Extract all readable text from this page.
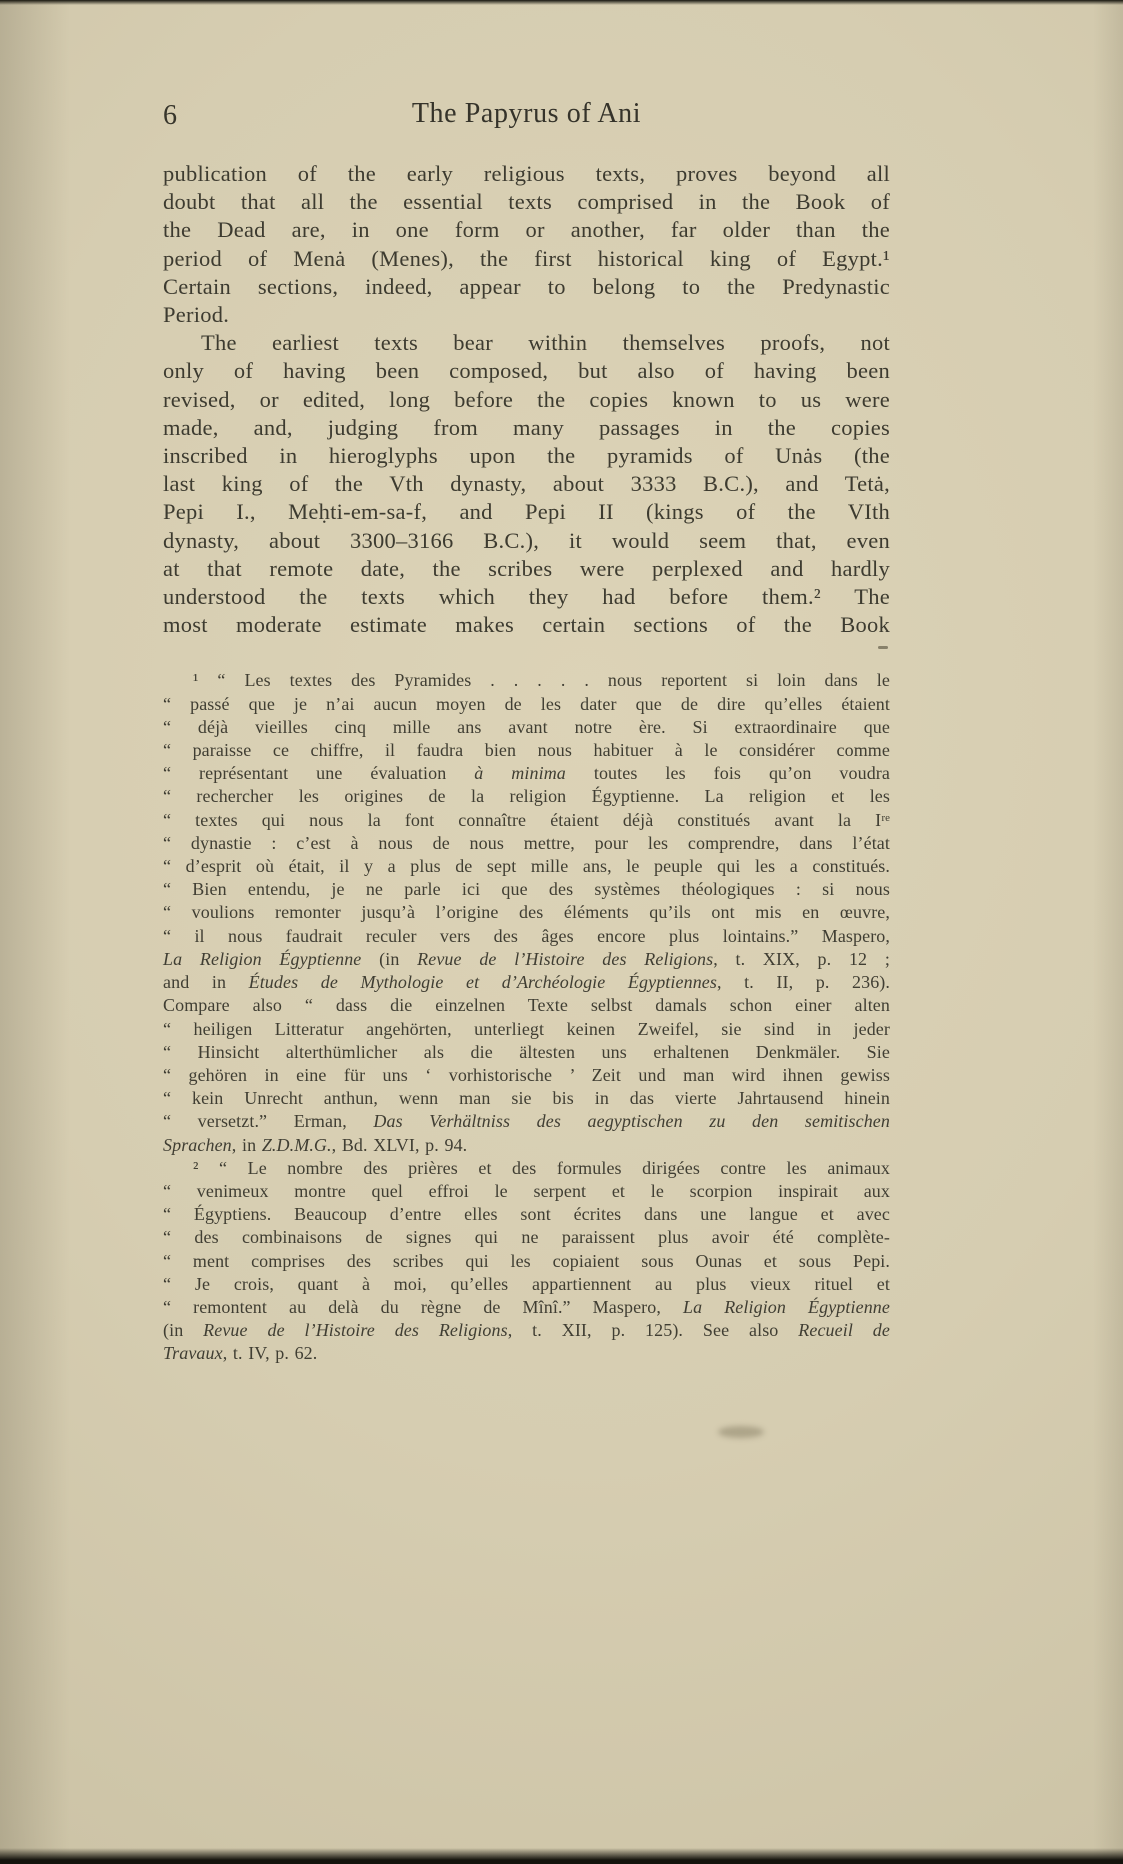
6	The Papyrus of Ani
publication of the early religious texts, proves beyond all
doubt that all the essential texts comprised in the Book of
the Dead are, in one form or another, far older than the
period of Menȧ (Menes), the first historical king of Egypt.¹
Certain sections, indeed, appear to belong to the Predynastic
Period.
The earliest texts bear within themselves proofs, not
only of having been composed, but also of having been
revised, or edited, long before the copies known to us were
made, and, judging from many passages in the copies
inscribed in hieroglyphs upon the pyramids of Unȧs (the
last king of the Vth dynasty, about 3333 B.C.), and Tetȧ,
Pepi I., Meḥti-em-sa-f, and Pepi II (kings of the VIth
dynasty, about 3300–3166 B.C.), it would seem that, even
at that remote date, the scribes were perplexed and hardly
understood the texts which they had before them.² The
most moderate estimate makes certain sections of the Book
¹ “ Les textes des Pyramides . . . . . nous reportent si loin dans le
“ passé que je n’ai aucun moyen de les dater que de dire qu’elles étaient
“ déjà vieilles cinq mille ans avant notre ère. Si extraordinaire que
“ paraisse ce chiffre, il faudra bien nous habituer à le considérer comme
“ représentant une évaluation à minima toutes les fois qu’on voudra
“ rechercher les origines de la religion Égyptienne. La religion et les
“ textes qui nous la font connaître étaient déjà constitués avant la Iʳᵉ
“ dynastie : c’est à nous de nous mettre, pour les comprendre, dans l’état
“ d’esprit où était, il y a plus de sept mille ans, le peuple qui les a constitués.
“ Bien entendu, je ne parle ici que des systèmes théologiques : si nous
“ voulions remonter jusqu’à l’origine des éléments qu’ils ont mis en œuvre,
“ il nous faudrait reculer vers des âges encore plus lointains.” Maspero,
La Religion Égyptienne (in Revue de l’Histoire des Religions, t. XIX, p. 12 ;
and in Études de Mythologie et d’Archéologie Égyptiennes, t. II, p. 236).
Compare also “ dass die einzelnen Texte selbst damals schon einer alten
“ heiligen Litteratur angehörten, unterliegt keinen Zweifel, sie sind in jeder
“ Hinsicht alterthümlicher als die ältesten uns erhaltenen Denkmäler. Sie
“ gehören in eine für uns ‘ vorhistorische ’ Zeit und man wird ihnen gewiss
“ kein Unrecht anthun, wenn man sie bis in das vierte Jahrtausend hinein
“ versetzt.” Erman, Das Verhältniss des aegyptischen zu den semitischen
Sprachen, in Z.D.M.G., Bd. XLVI, p. 94.
² “ Le nombre des prières et des formules dirigées contre les animaux
“ venimeux montre quel effroi le serpent et le scorpion inspirait aux
“ Égyptiens. Beaucoup d’entre elles sont écrites dans une langue et avec
“ des combinaisons de signes qui ne paraissent plus avoir été complète-
“ ment comprises des scribes qui les copiaient sous Ounas et sous Pepi.
“ Je crois, quant à moi, qu’elles appartiennent au plus vieux rituel et
“ remontent au delà du règne de Mînî.” Maspero, La Religion Égyptienne
(in Revue de l’Histoire des Religions, t. XII, p. 125). See also Recueil de
Travaux, t. IV, p. 62.
